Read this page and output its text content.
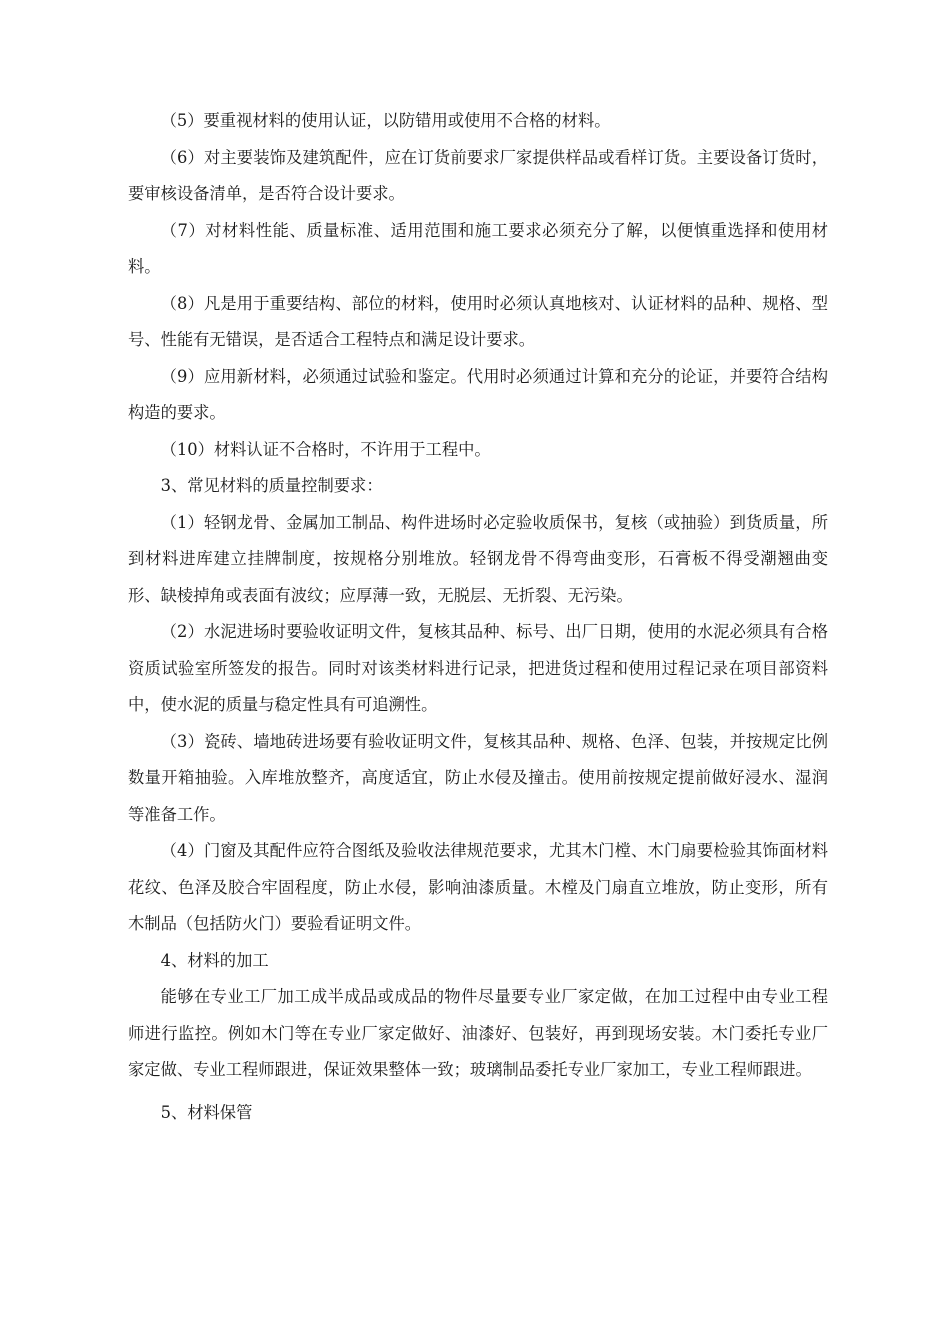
（5）要重视材料的使用认证，以防错用或使用不合格的材料。

（6）对主要装饰及建筑配件，应在订货前要求厂家提供样品或看样订货。主要设备订货时，要审核设备清单，是否符合设计要求。

（7）对材料性能、质量标准、适用范围和施工要求必须充分了解，以便慎重选择和使用材料。

（8）凡是用于重要结构、部位的材料，使用时必须认真地核对、认证材料的品种、规格、型号、性能有无错误，是否适合工程特点和满足设计要求。

（9）应用新材料，必须通过试验和鉴定。代用时必须通过计算和充分的论证，并要符合结构构造的要求。

（10）材料认证不合格时，不许用于工程中。

3、常见材料的质量控制要求：

（1）轻钢龙骨、金属加工制品、构件进场时必定验收质保书，复核（或抽验）到货质量，所到材料进库建立挂牌制度，按规格分别堆放。轻钢龙骨不得弯曲变形，石膏板不得受潮翘曲变形、缺棱掉角或表面有波纹；应厚薄一致，无脱层、无折裂、无污染。

（2）水泥进场时要验收证明文件，复核其品种、标号、出厂日期，使用的水泥必须具有合格资质试验室所签发的报告。同时对该类材料进行记录，把进货过程和使用过程记录在项目部资料中，使水泥的质量与稳定性具有可追溯性。

（3）瓷砖、墙地砖进场要有验收证明文件，复核其品种、规格、色泽、包装，并按规定比例数量开箱抽验。入库堆放整齐，高度适宜，防止水侵及撞击。使用前按规定提前做好浸水、湿润等准备工作。

（4）门窗及其配件应符合图纸及验收法律规范要求，尤其木门樘、木门扇要检验其饰面材料花纹、色泽及胶合牢固程度，防止水侵，影响油漆质量。木樘及门扇直立堆放，防止变形，所有木制品（包括防火门）要验看证明文件。

4、材料的加工

能够在专业工厂加工成半成品或成品的物件尽量要专业厂家定做，在加工过程中由专业工程师进行监控。例如木门等在专业厂家定做好、油漆好、包装好，再到现场安装。木门委托专业厂家定做、专业工程师跟进，保证效果整体一致；玻璃制品委托专业厂家加工，专业工程师跟进。

5、材料保管
